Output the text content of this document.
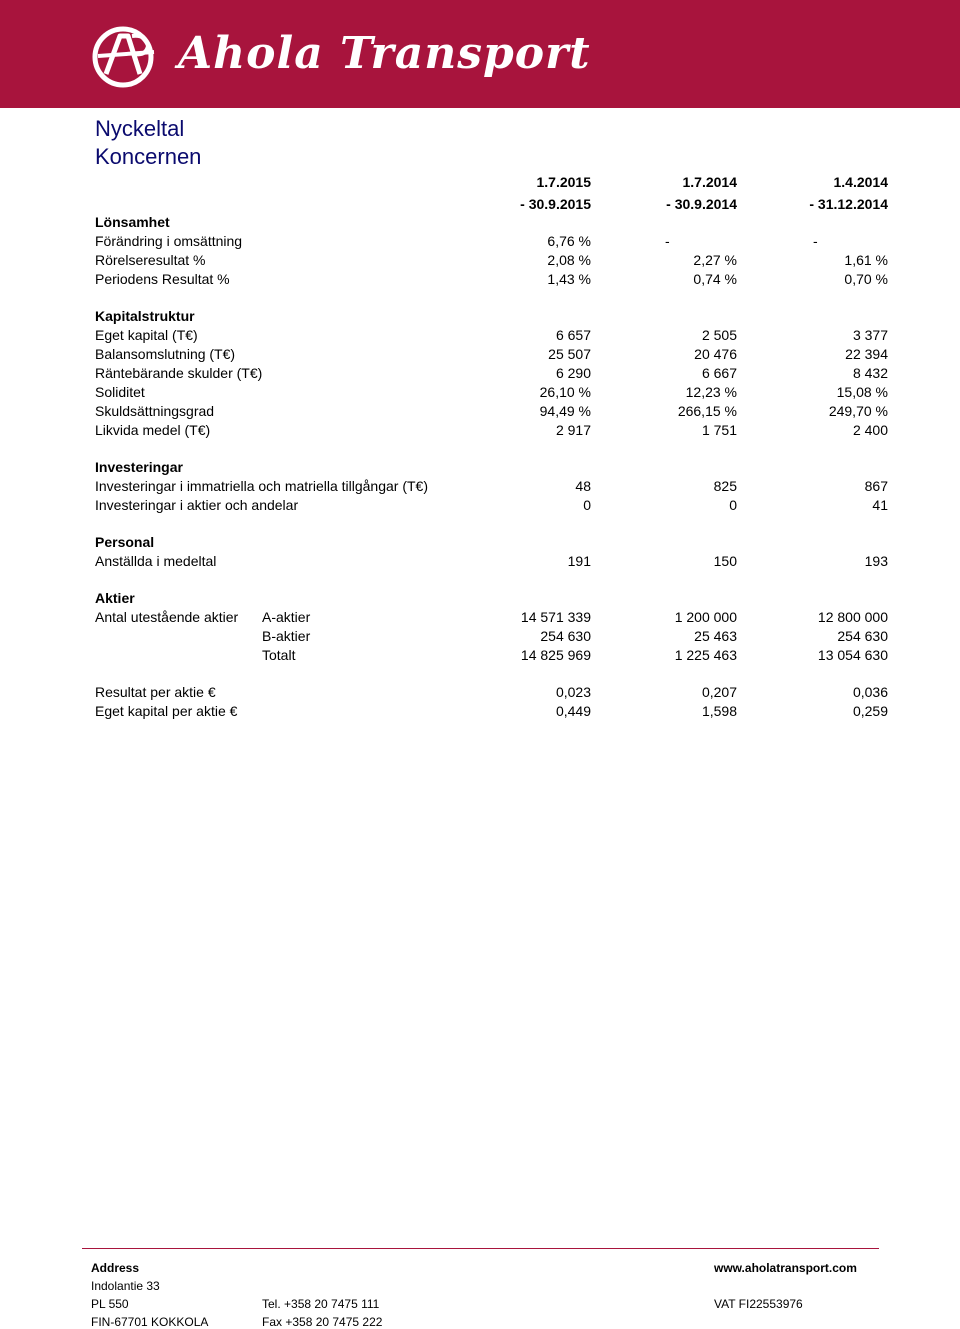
Ahola Transport
Nyckeltal
Koncernen
1.7.2015	1.7.2014	1.4.2014
- 30.9.2015	- 30.9.2014	- 31.12.2014
Lönsamhet
Förändring i omsättning	6,76 %	-	-
Rörelseresultat %	2,08 %	2,27 %	1,61 %
Periodens Resultat %	1,43 %	0,74 %	0,70 %
Kapitalstruktur
Eget kapital (T€)	6 657	2 505	3 377
Balansomslutning (T€)	25 507	20 476	22 394
Räntebärande skulder (T€)	6 290	6 667	8 432
Soliditet	26,10 %	12,23 %	15,08 %
Skuldsättningsgrad	94,49 %	266,15 %	249,70 %
Likvida medel (T€)	2 917	1 751	2 400
Investeringar
Investeringar i immatriella och matriella tillgångar (T€)	48	825	867
Investeringar i aktier och andelar	0	0	41
Personal
Anställda i medeltal	191	150	193
Aktier
Antal utestående aktier A-aktier	14 571 339	1 200 000	12 800 000
B-aktier	254 630	25 463	254 630
Totalt	14 825 969	1 225 463	13 054 630
Resultat per aktie €	0,023	0,207	0,036
Eget kapital per aktie €	0,449	1,598	0,259
Address
Indolantie 33
PL 550
FIN-67701 KOKKOLA
Tel. +358 20 7475 111
Fax +358 20 7475 222
www.aholatransport.com
VAT FI22553976
